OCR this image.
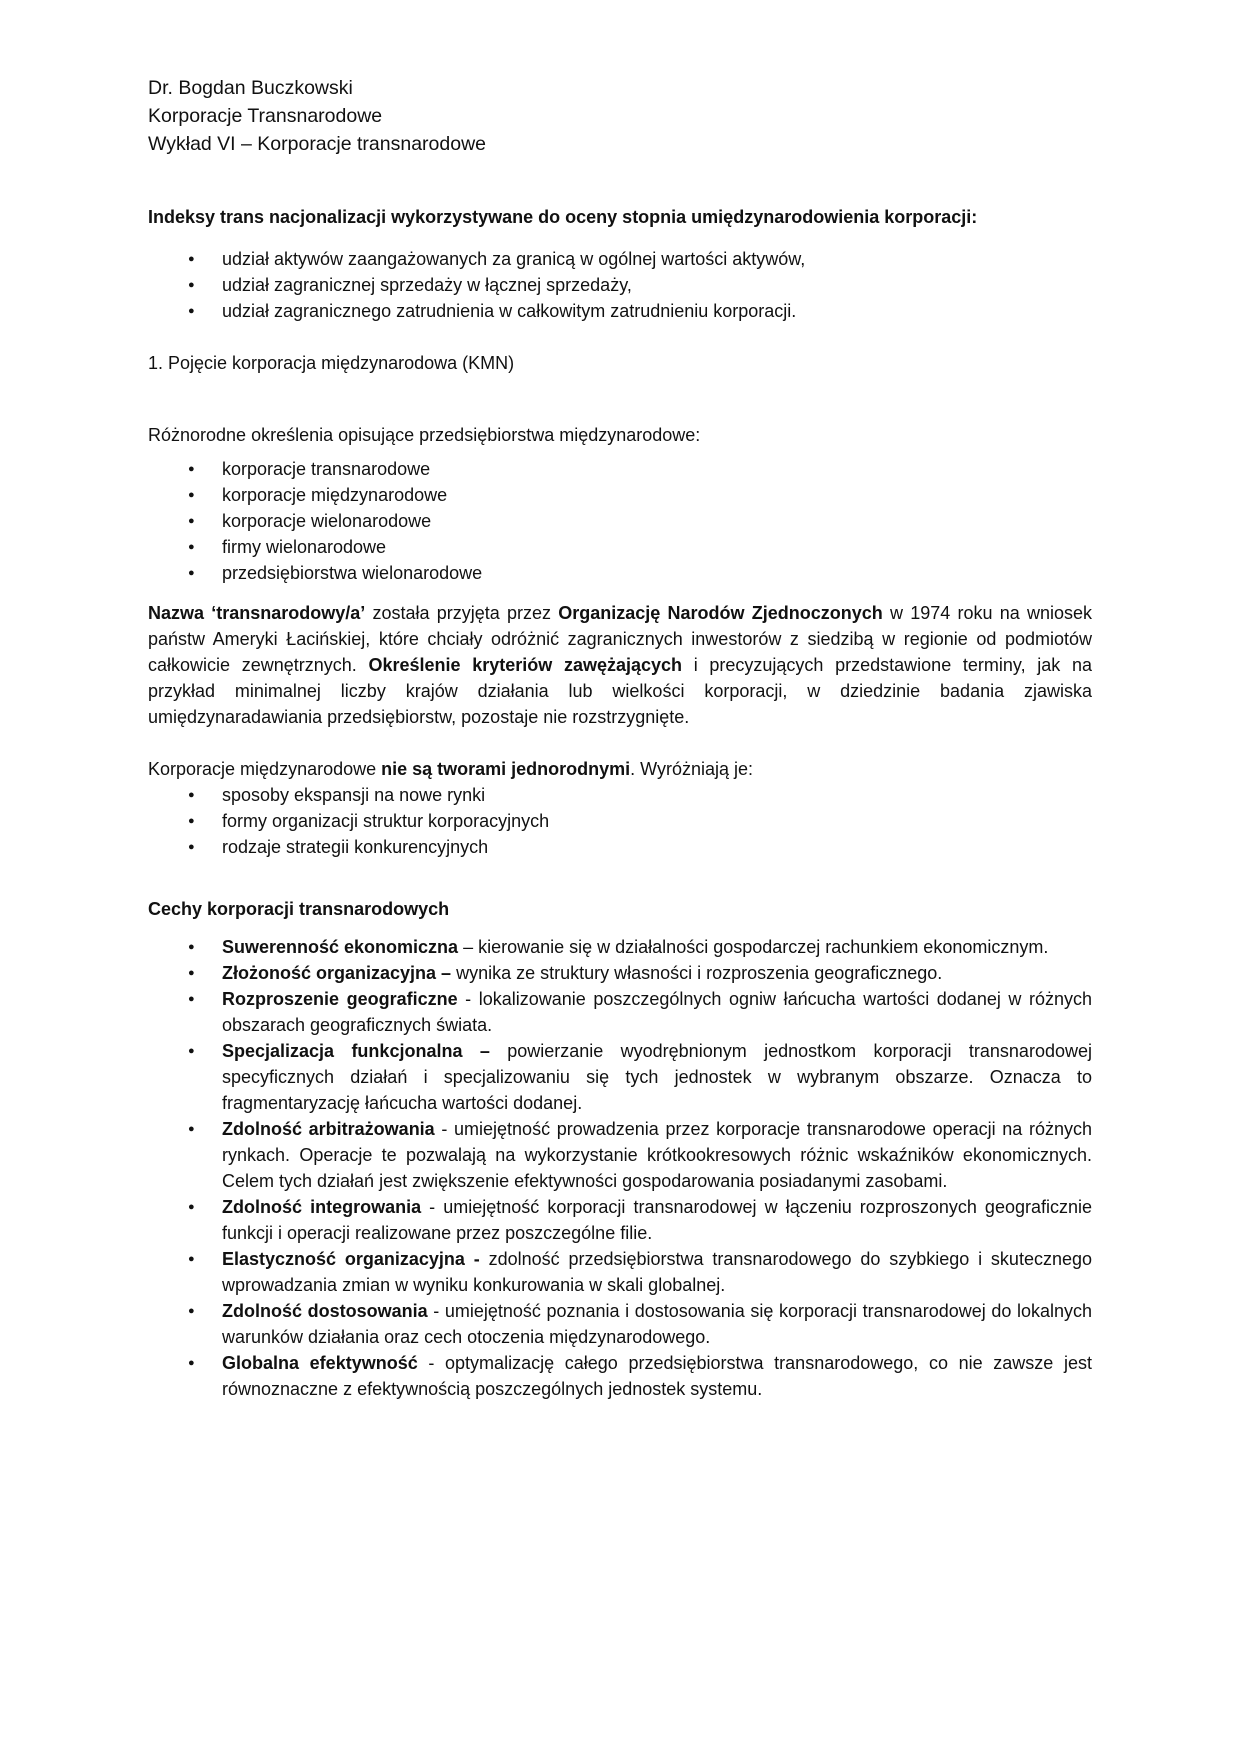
Dr. Bogdan Buczkowski

Korporacje Transnarodowe

Wykład VI – Korporacje transnarodowe

Indeksy trans nacjonalizacji wykorzystywane do oceny stopnia umiędzynarodowienia korporacji:

● udział aktywów zaangażowanych za granicą w ogólnej wartości aktywów,
● udział zagranicznej sprzedaży w łącznej sprzedaży,
● udział zagranicznego zatrudnienia w całkowitym zatrudnieniu korporacji.

1. Pojęcie korporacja międzynarodowa (KMN)

Różnorodne określenia opisujące przedsiębiorstwa międzynarodowe:

● korporacje transnarodowe
● korporacje międzynarodowe
● korporacje wielonarodowe
● firmy wielonarodowe
● przedsiębiorstwa wielonarodowe

Nazwa ‘transnarodowy/a’ została przyjęta przez Organizację Narodów Zjednoczonych w 1974 roku na wniosek państw Ameryki Łacińskiej, które chciały odróżnić zagranicznych inwestorów z siedzibą w regionie od podmiotów całkowicie zewnętrznych. Określenie kryteriów zawężających i precyzujących przedstawione terminy, jak na przykład minimalnej liczby krajów działania lub wielkości korporacji, w dziedzinie badania zjawiska umiędzynaradawiania przedsiębiorstw, pozostaje nie rozstrzygnięte.

Korporacje międzynarodowe nie są tworami jednorodnymi. Wyróżniają je:

● sposoby ekspansji na nowe rynki
● formy organizacji struktur korporacyjnych
● rodzaje strategii konkurencyjnych

Cechy korporacji transnarodowych

● Suwerenność ekonomiczna – kierowanie się w działalności gospodarczej rachunkiem ekonomicznym.
● Złożoność organizacyjna – wynika ze struktury własności i rozproszenia geograficznego.
● Rozproszenie geograficzne - lokalizowanie poszczególnych ogniw łańcucha wartości dodanej w różnych obszarach geograficznych świata.
● Specjalizacja funkcjonalna – powierzanie wyodrębnionym jednostkom korporacji transnarodowej specyficznych działań i specjalizowaniu się tych jednostek w wybranym obszarze. Oznacza to fragmentaryzację łańcucha wartości dodanej.
● Zdolność arbitrażowania - umiejętność prowadzenia przez korporacje transnarodowe operacji na różnych rynkach. Operacje te pozwalają na wykorzystanie krótkookresowych różnic wskaźników ekonomicznych. Celem tych działań jest zwiększenie efektywności gospodarowania posiadanymi zasobami.
● Zdolność integrowania - umiejętność korporacji transnarodowej w łączeniu rozproszonych geograficznie funkcji i operacji realizowane przez poszczególne filie.
● Elastyczność organizacyjna - zdolność przedsiębiorstwa transnarodowego do szybkiego i skutecznego wprowadzania zmian w wyniku konkurowania w skali globalnej.
● Zdolność dostosowania - umiejętność poznania i dostosowania się korporacji transnarodowej do lokalnych warunków działania oraz cech otoczenia międzynarodowego.
● Globalna efektywność - optymalizację całego przedsiębiorstwa transnarodowego, co nie zawsze jest równoznaczne z efektywnością poszczególnych jednostek systemu.
